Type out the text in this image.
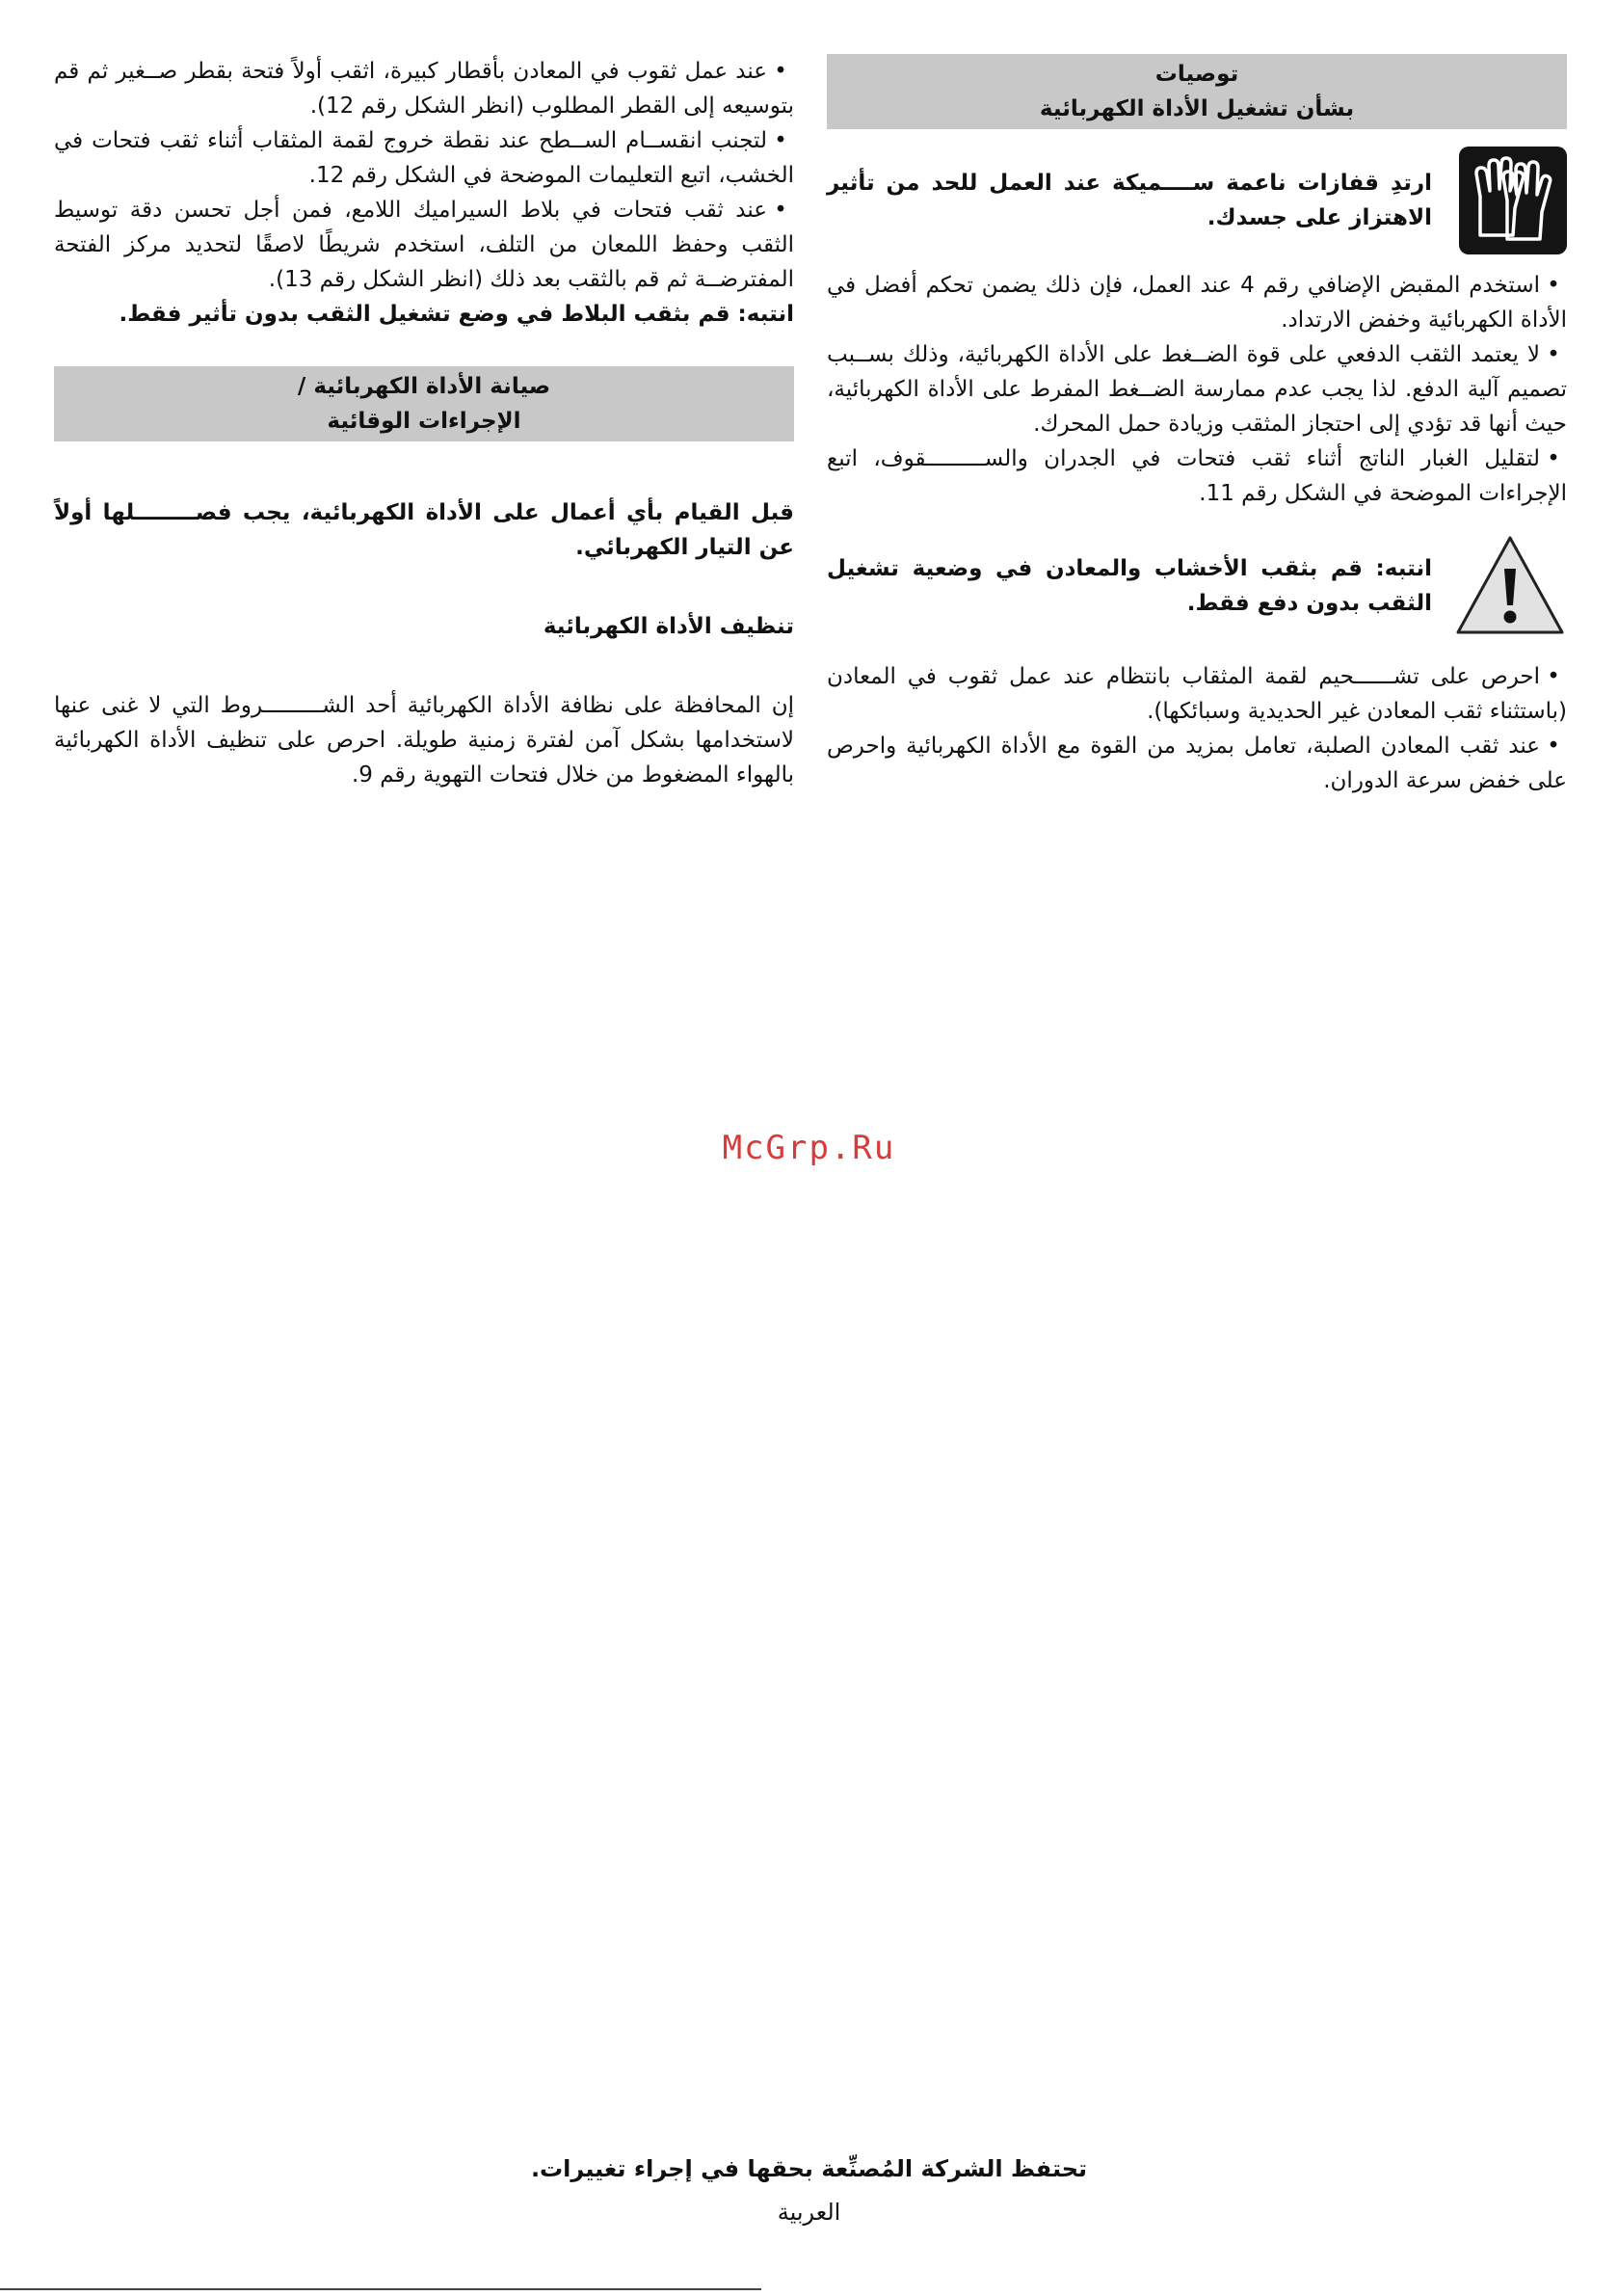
توصيات
بشأن تشغيل الأداة الكهربائية
ارتدِ قفازات ناعمة ســــميكة عند العمل للحد من تأثير الاهتزاز على جسدك.

• استخدم المقبض الإضافي رقم 4 عند العمل، فإن ذلك يضمن تحكم أفضل في الأداة الكهربائية وخفض الارتداد.

• لا يعتمد الثقب الدفعي على قوة الضــغط على الأداة الكهربائية، وذلك بســبب تصميم آلية الدفع. لذا يجب عدم ممارسة الضــغط المفرط على الأداة الكهربائية، حيث أنها قد تؤدي إلى احتجاز المثقب وزيادة حمل المحرك.

• لتقليل الغبار الناتج أثناء ثقب فتحات في الجدران والســـــــــقوف، اتبع الإجراءات الموضحة في الشكل رقم 11.

انتبه: قم بثقب الأخشاب والمعادن في وضعية تشغيل الثقب بدون دفع فقط.

• احرص على تشــــــحيم لقمة المثقاب بانتظام عند عمل ثقوب في المعادن (باستثناء ثقب المعادن غير الحديدية وسبائكها).

• عند ثقب المعادن الصلبة، تعامل بمزيد من القوة مع الأداة الكهربائية واحرص على خفض سرعة الدوران.

• عند عمل ثقوب في المعادن بأقطار كبيرة، اثقب أولاً فتحة بقطر صــغير ثم قم بتوسيعه إلى القطر المطلوب (انظر الشكل رقم 12).

• لتجنب انقســام الســطح عند نقطة خروج لقمة المثقاب أثناء ثقب فتحات في الخشب، اتبع التعليمات الموضحة في الشكل رقم 12.

• عند ثقب فتحات في بلاط السيراميك اللامع، فمن أجل تحسن دقة توسيط الثقب وحفظ اللمعان من التلف، استخدم شريطًا لاصقًا لتحديد مركز الفتحة المفترضــة ثم قم بالثقب بعد ذلك (انظر الشكل رقم 13).

انتبه: قم بثقب البلاط في وضع تشغيل الثقب بدون تأثير فقط.

صيانة الأداة الكهربائية /
الإجراءات الوقائية

قبل القيام بأي أعمال على الأداة الكهربائية، يجب فصــــــــلها أولاً عن التيار الكهربائي.

تنظيف الأداة الكهربائية

إن المحافظة على نظافة الأداة الكهربائية أحد الشـــــــــروط التي لا غنى عنها لاستخدامها بشكل آمن لفترة زمنية طويلة. احرص على تنظيف الأداة الكهربائية بالهواء المضغوط من خلال فتحات التهوية رقم 9.

McGrp.Ru
تحتفظ الشركة المُصنِّعة بحقها في إجراء تغييرات.
العربية
